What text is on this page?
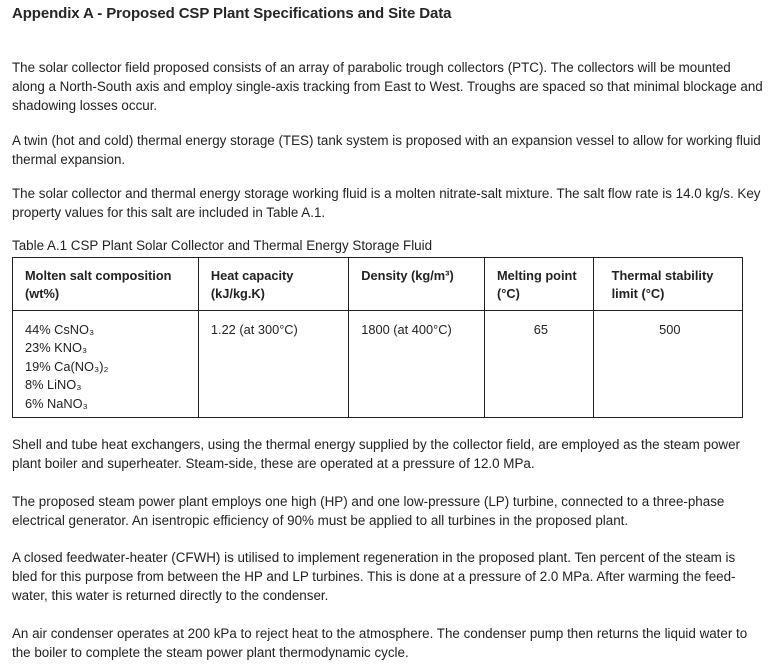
Appendix A - Proposed CSP Plant Specifications and Site Data

The solar collector field proposed consists of an array of parabolic trough collectors (PTC). The collectors will be mounted along a North-South axis and employ single-axis tracking from East to West. Troughs are spaced so that minimal blockage and shadowing losses occur.

A twin (hot and cold) thermal energy storage (TES) tank system is proposed with an expansion vessel to allow for working fluid thermal expansion.

The solar collector and thermal energy storage working fluid is a molten nitrate-salt mixture. The salt flow rate is 14.0 kg/s. Key property values for this salt are included in Table A.1.

Table A.1 CSP Plant Solar Collector and Thermal Energy Storage Fluid

Molten salt composition (wt%)	Heat capacity (kJ/kg.K)	Density (kg/m³)	Melting point (°C)	Thermal stability limit (°C)

44% CsNO₃
23% KNO₃
19% Ca(NO₃)₂
8% LiNO₃
6% NaNO₃	1.22 (at 300°C)	1800 (at 400°C)	65	500

Shell and tube heat exchangers, using the thermal energy supplied by the collector field, are employed as the steam power plant boiler and superheater. Steam-side, these are operated at a pressure of 12.0 MPa.

The proposed steam power plant employs one high (HP) and one low-pressure (LP) turbine, connected to a three-phase electrical generator. An isentropic efficiency of 90% must be applied to all turbines in the proposed plant.

A closed feedwater-heater (CFWH) is utilised to implement regeneration in the proposed plant. Ten percent of the steam is bled for this purpose from between the HP and LP turbines. This is done at a pressure of 2.0 MPa. After warming the feed-water, this water is returned directly to the condenser.

An air condenser operates at 200 kPa to reject heat to the atmosphere. The condenser pump then returns the liquid water to the boiler to complete the steam power plant thermodynamic cycle.
